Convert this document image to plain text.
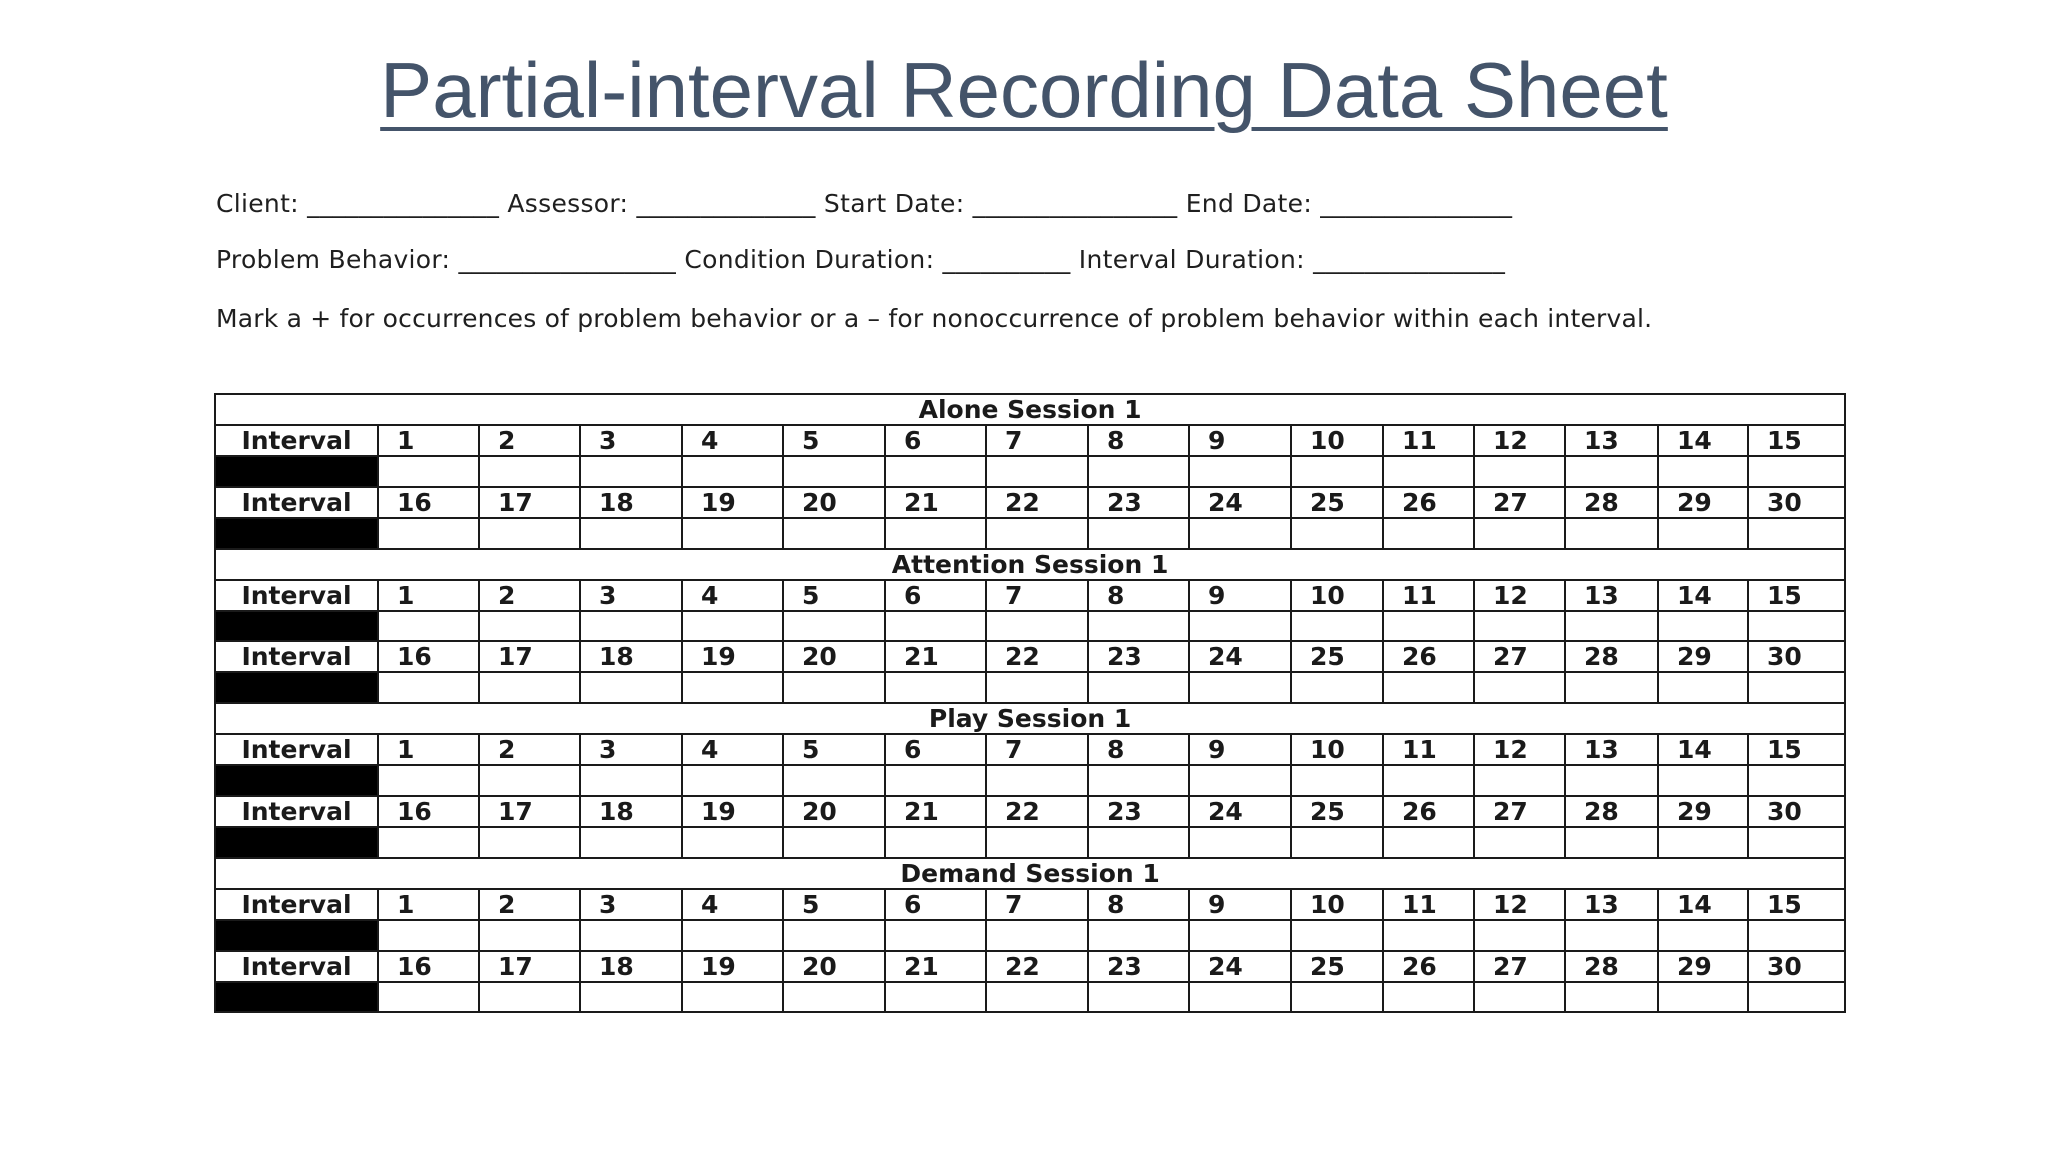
Partial-interval Recording Data Sheet
Client: _______________ Assessor: ______________ Start Date: ________________ End Date: _______________
Problem Behavior: _________________ Condition Duration: __________ Interval Duration: _______________
Mark a + for occurrences of problem behavior or a – for nonoccurrence of problem behavior within each interval.
Alone Session 1															
Interval	1	2	3	4	5	6	7	8	9	10	11	12	13	14	15

Interval	16	17	18	19	20	21	22	23	24	25	26	27	28	29	30

Attention Session 1															
Interval	1	2	3	4	5	6	7	8	9	10	11	12	13	14	15

Interval	16	17	18	19	20	21	22	23	24	25	26	27	28	29	30

Play Session 1															
Interval	1	2	3	4	5	6	7	8	9	10	11	12	13	14	15

Interval	16	17	18	19	20	21	22	23	24	25	26	27	28	29	30

Demand Session 1															
Interval	1	2	3	4	5	6	7	8	9	10	11	12	13	14	15

Interval	16	17	18	19	20	21	22	23	24	25	26	27	28	29	30
